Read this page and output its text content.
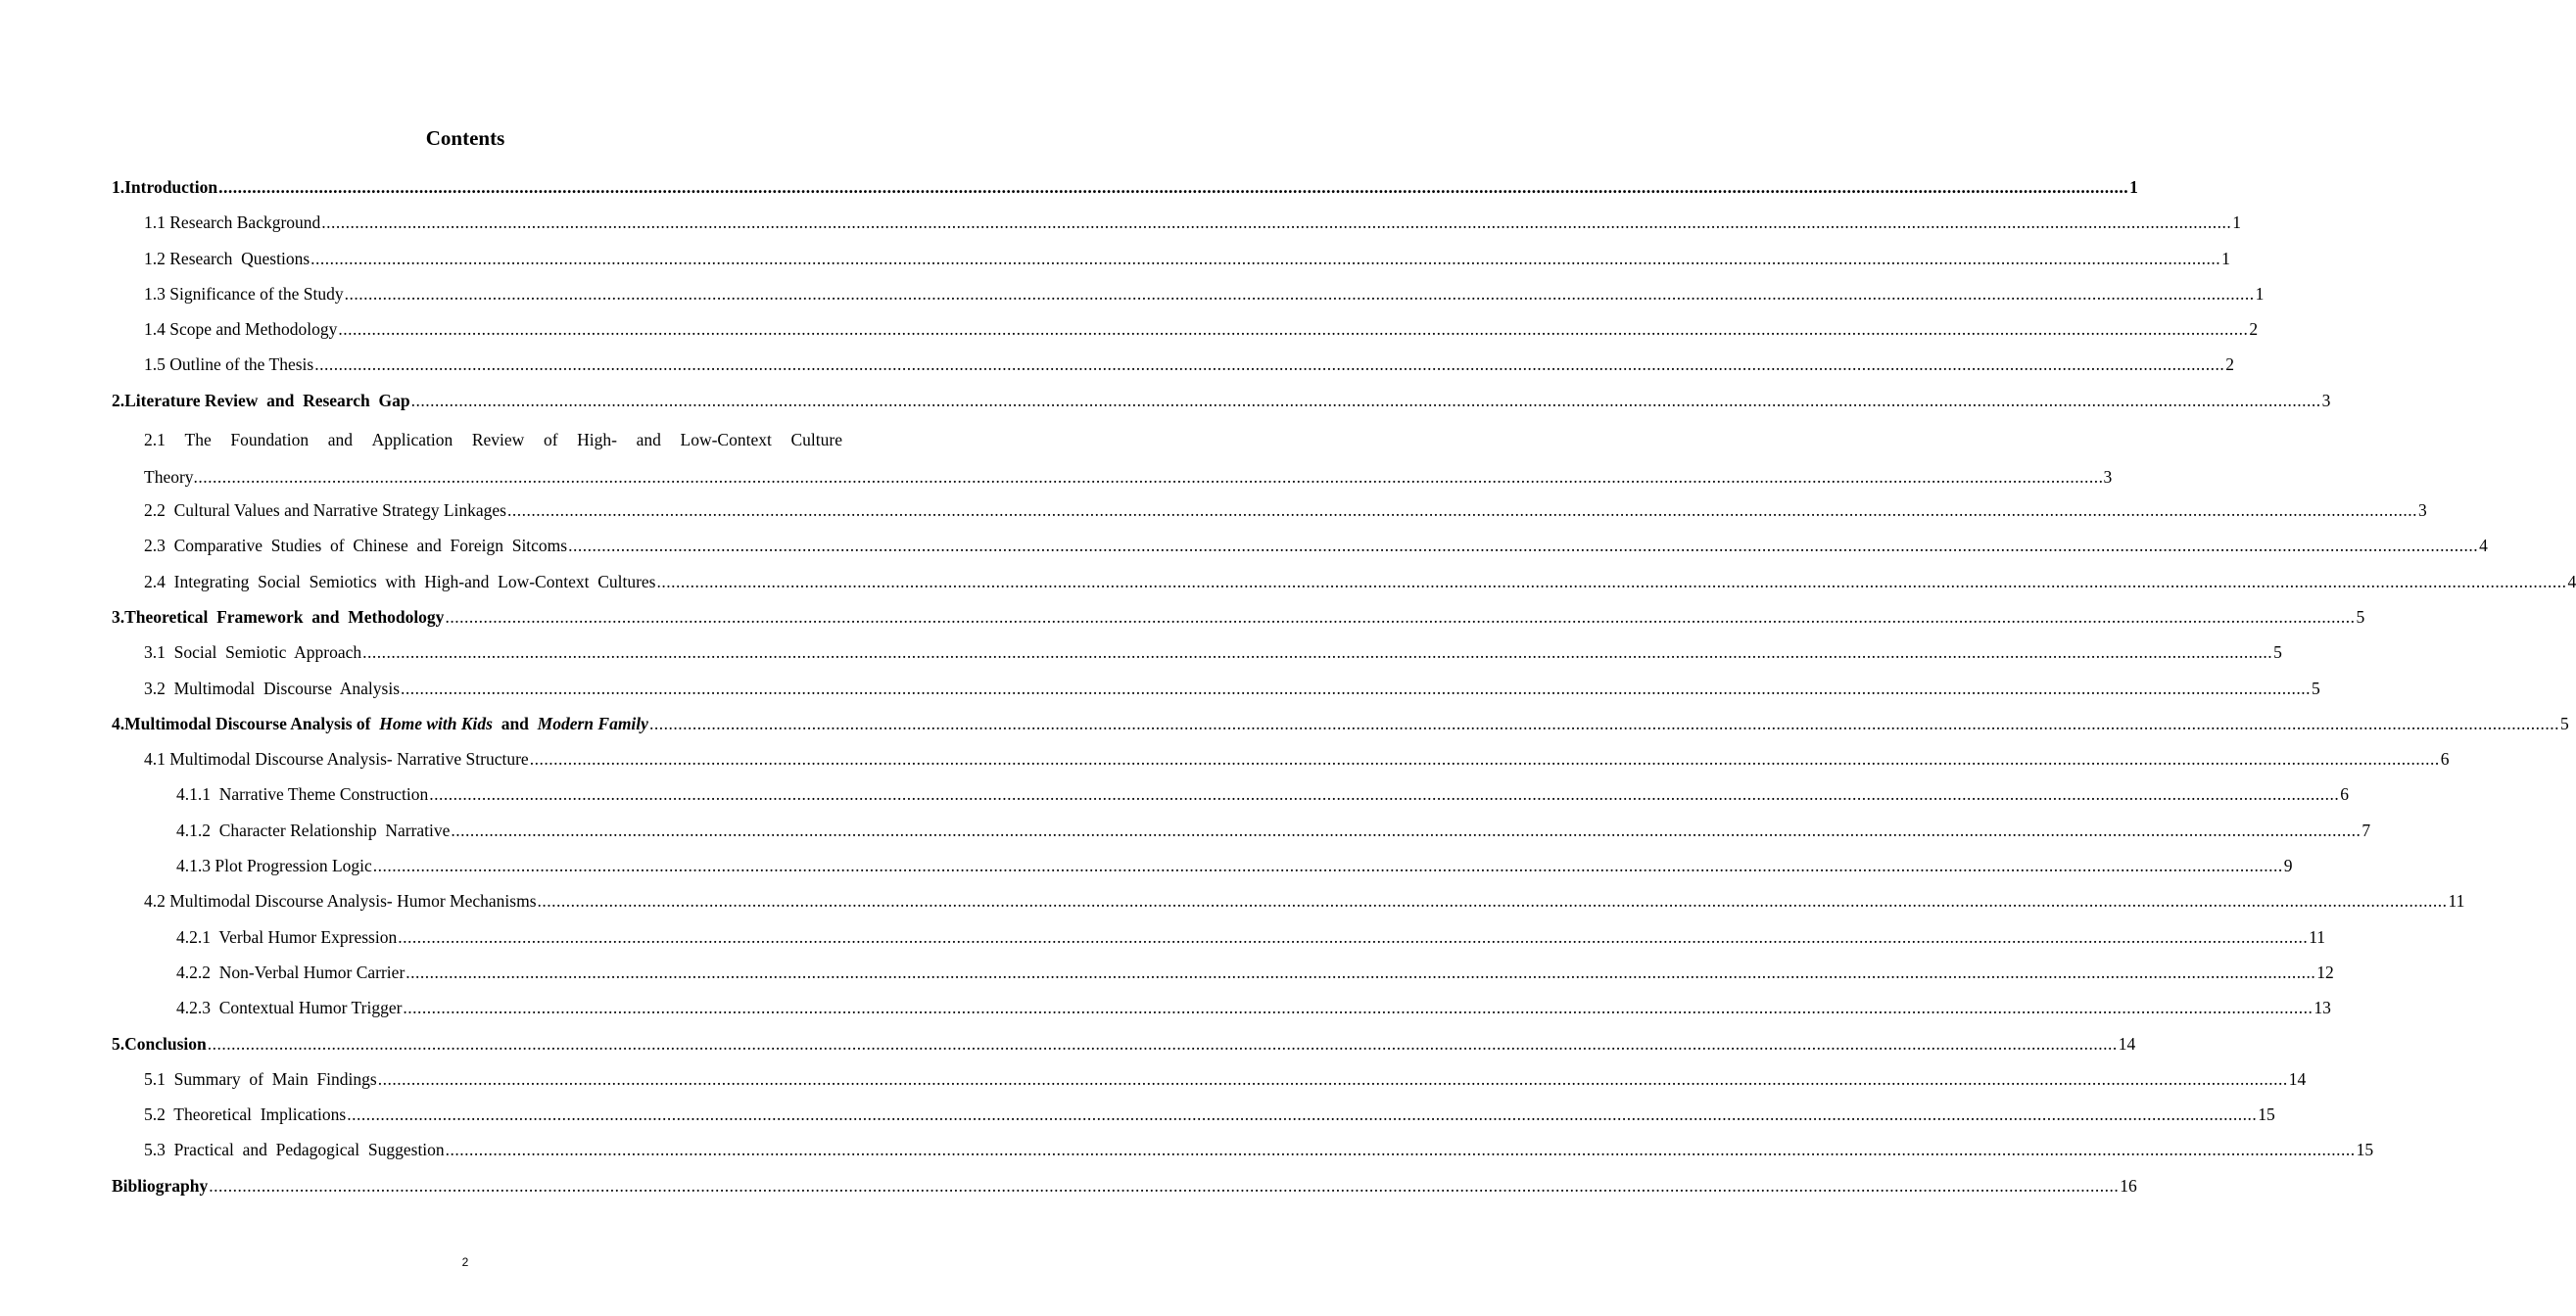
Contents
1.Introduction ................................................................................................................................................................................................................................................................................................................................................................................................................ 1
1.1 Research Background ................................................................................................................................................................................................................................................................................................................................................................................................................ 1
1.2 Research  Questions ................................................................................................................................................................................................................................................................................................................................................................................................................ 1
1.3 Significance of the Study ................................................................................................................................................................................................................................................................................................................................................................................................................ 1
1.4 Scope and Methodology ................................................................................................................................................................................................................................................................................................................................................................................................................ 2
1.5 Outline of the Thesis ................................................................................................................................................................................................................................................................................................................................................................................................................ 2
2.Literature Review  and  Research  Gap ................................................................................................................................................................................................................................................................................................................................................................................................................ 3
2.1 The Foundation and Application Review of High- and Low-Context Culture
Theory ................................................................................................................................................................................................................................................................................................................................................................................................................ 3
2.2  Cultural Values and Narrative Strategy Linkages ................................................................................................................................................................................................................................................................................................................................................................................................................ 3
2.3  Comparative  Studies  of  Chinese  and  Foreign  Sitcoms ................................................................................................................................................................................................................................................................................................................................................................................................................ 4
2.4  Integrating  Social  Semiotics  with  High-and  Low-Context  Cultures ................................................................................................................................................................................................................................................................................................................................................................................................................ 4
3.Theoretical  Framework  and  Methodology ................................................................................................................................................................................................................................................................................................................................................................................................................ 5
3.1  Social  Semiotic  Approach ................................................................................................................................................................................................................................................................................................................................................................................................................ 5
3.2  Multimodal  Discourse  Analysis ................................................................................................................................................................................................................................................................................................................................................................................................................ 5
4.Multimodal Discourse Analysis of  Home with Kids  and  Modern Family ................................................................................................................................................................................................................................................................................................................................................................................................................ 5
4.1 Multimodal Discourse Analysis- Narrative Structure ................................................................................................................................................................................................................................................................................................................................................................................................................ 6
4.1.1  Narrative Theme Construction ................................................................................................................................................................................................................................................................................................................................................................................................................ 6
4.1.2  Character Relationship  Narrative ................................................................................................................................................................................................................................................................................................................................................................................................................ 7
4.1.3 Plot Progression Logic ................................................................................................................................................................................................................................................................................................................................................................................................................ 9
4.2 Multimodal Discourse Analysis- Humor Mechanisms ................................................................................................................................................................................................................................................................................................................................................................................................................ 11
4.2.1  Verbal Humor Expression ................................................................................................................................................................................................................................................................................................................................................................................................................ 11
4.2.2  Non-Verbal Humor Carrier ................................................................................................................................................................................................................................................................................................................................................................................................................ 12
4.2.3  Contextual Humor Trigger ................................................................................................................................................................................................................................................................................................................................................................................................................ 13
5.Conclusion ................................................................................................................................................................................................................................................................................................................................................................................................................ 14
5.1  Summary  of  Main  Findings ................................................................................................................................................................................................................................................................................................................................................................................................................ 14
5.2  Theoretical  Implications ................................................................................................................................................................................................................................................................................................................................................................................................................ 15
5.3  Practical  and  Pedagogical  Suggestion ................................................................................................................................................................................................................................................................................................................................................................................................................ 15
Bibliography ................................................................................................................................................................................................................................................................................................................................................................................................................ 16
2
